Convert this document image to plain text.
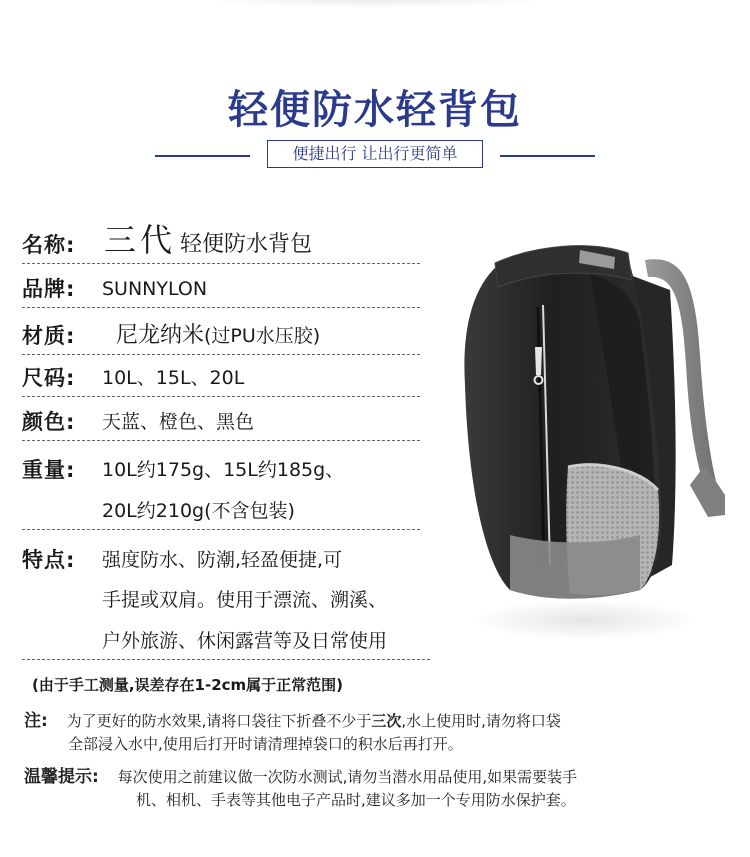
轻便防水轻背包
便捷出行 让出行更简单
名称: 三代 轻便防水背包
品牌:	SUNNYLON
材质:	尼龙纳米 (过PU水压胶)
尺码:	10L、15L、20L
颜色:	天蓝、橙色、黑色
重量:	10L约175g、15L约185g、
20L约210g(不含包装)
特点:	强度防水、防潮,轻盈便捷,可
手提或双肩。使用于漂流、溯溪、
户外旅游、休闲露营等及日常使用
(由于手工测量,误差存在1-2cm属于正常范围)
注: 为了更好的防水效果,请将口袋往下折叠不少于三次,水上使用时,请勿将口袋
全部浸入水中,使用后打开时请清理掉袋口的积水后再打开。
温馨提示: 每次使用之前建议做一次防水测试,请勿当潜水用品使用,如果需要装手
机、相机、手表等其他电子产品时,建议多加一个专用防水保护套。
